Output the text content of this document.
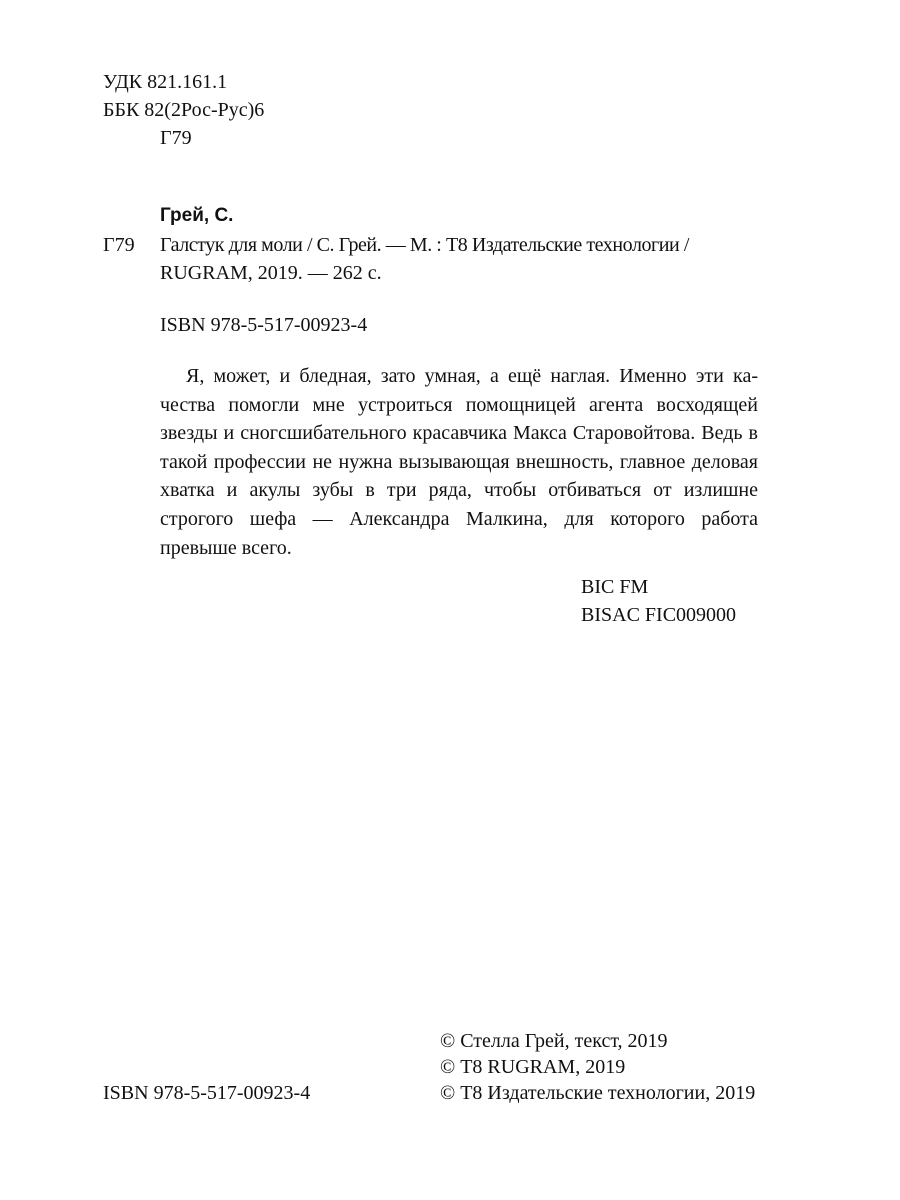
УДК 821.161.1
ББК 82(2Рос-Рус)6
Г79
Грей, С.
Г79 Галстук для моли / С. Грей. — М. : Т8 Издательские технологии /
RUGRAM, 2019. — 262 с.
ISBN 978-5-517-00923-4
Я, может, и бледная, зато умная, а ещё наглая. Именно эти качества помогли мне устроиться помощницей агента восходящей звезды и сногсшибательного красавчика Макса Старовойтова. Ведь в такой профессии не нужна вызывающая внешность, главное деловая хватка и акулы зубы в три ряда, чтобы отбиваться от излишне строгого шефа — Александра Малкина, для которого работа превыше всего.
BIC FM
BISAC FIC009000
© Стелла Грей, текст, 2019
© Т8 RUGRAM, 2019
ISBN 978-5-517-00923-4	© Т8 Издательские технологии, 2019
